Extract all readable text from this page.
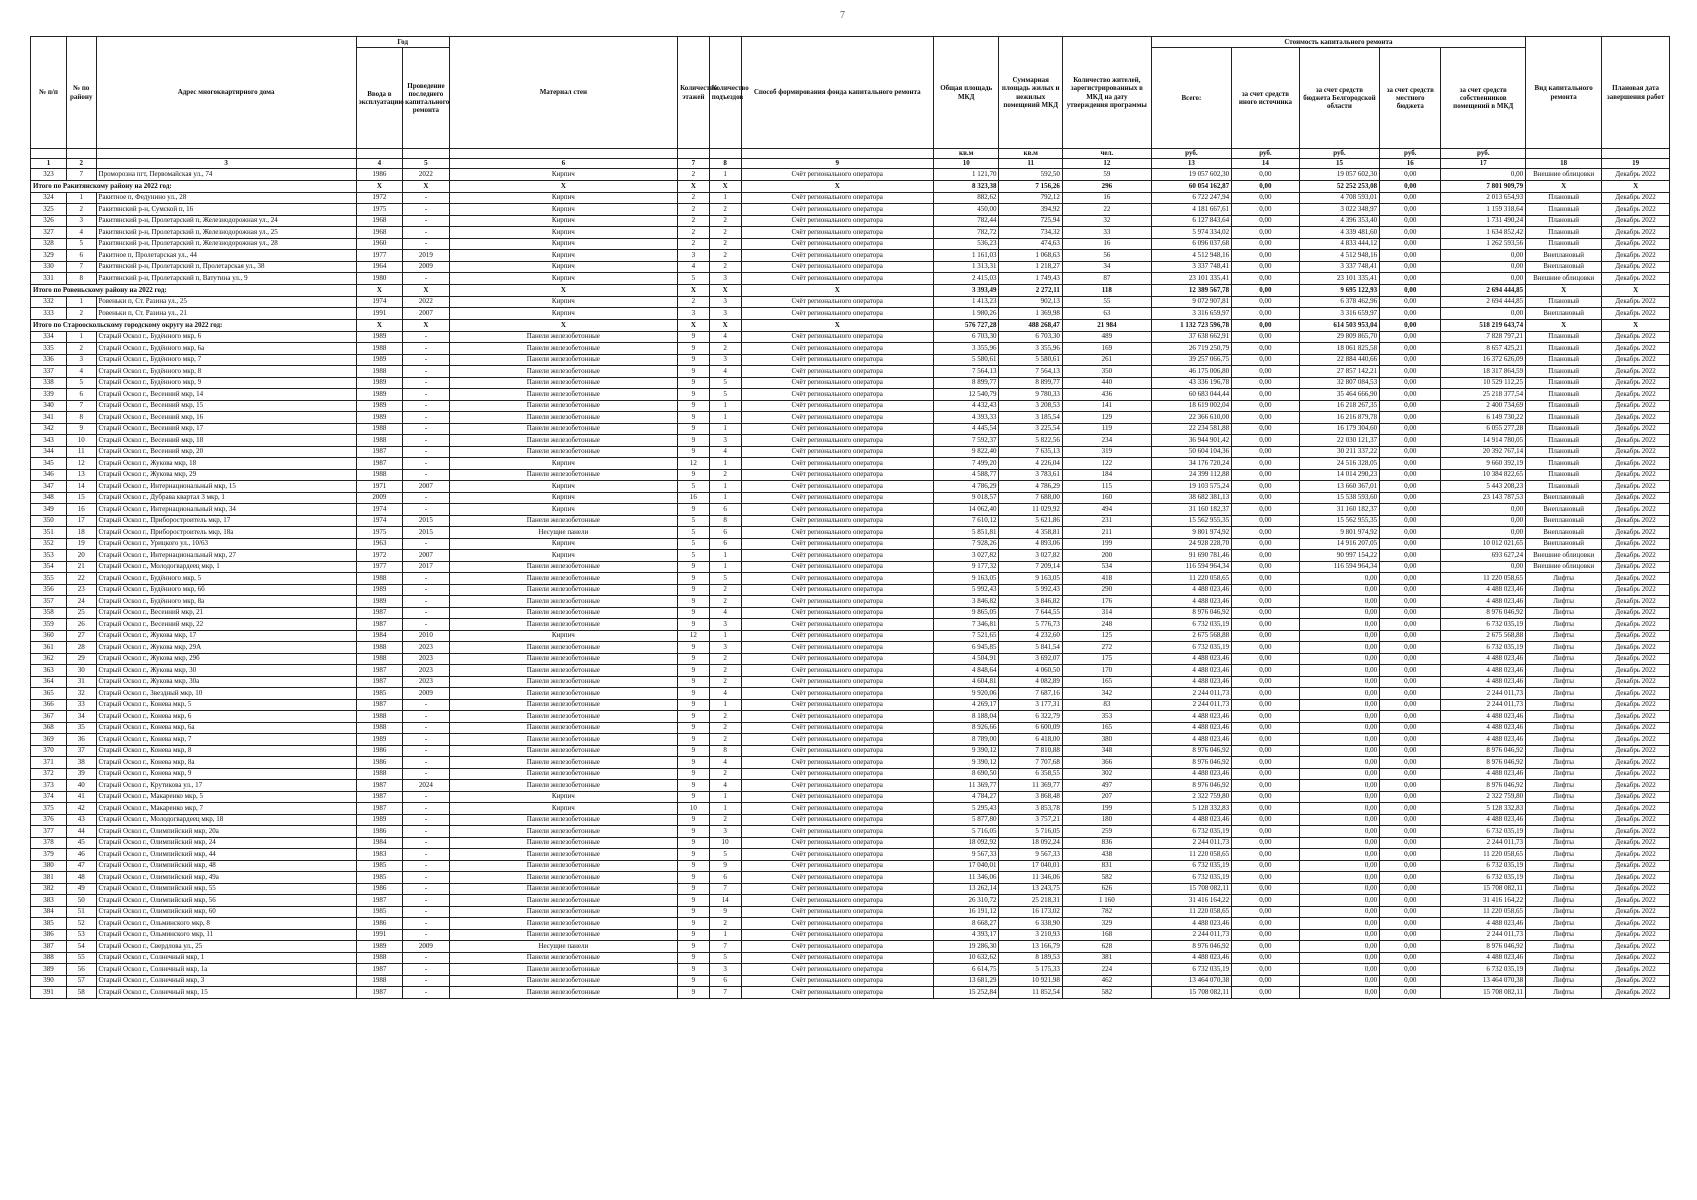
7
№ п/п	№ по району	Адрес многоквартирного дома	Год		Материал стен	Количество этажей	Количество подъездов	Способ формирования фонда капитального ремонта	Общая площадь МКД	Суммарная площадь жилых и нежилых помещений МКД	Количество жителей, зарегистрированных в МКД на дату утверждения программы	Стоимость капитального ремонта					Вид капитального ремонта	Плановая дата завершения работ
			Ввода в эксплуатацию	Проведение последнего капитального ремонта								Всего:	за счет средств иного источника	за счет средств бюджета Белгородской области	за счет средств местного бюджета	за счет средств собственников помещений в МКД		
									кв.м	кв.м	чел.	руб.	руб.	руб.	руб.	руб.		
1	2	3	4	5	6	7	8	9	10	11	12	13	14	15	16	17	18	19
323	7	Проморозна пгт, Первомайская ул., 74	1986	2022	Кирпич	2	1	Счёт регионального оператора	1 121,70	592,50	59	19 057 602,30	0,00	19 057 602,30	0,00	0,00	Внешние облицовки	Декабрь 2022
Итого по Ракитянскому району на 2022 год:			Х	Х	Х	Х	Х	Х	8 323,38	7 156,26	296	60 054 162,87	0,00	52 252 253,08	0,00	7 801 909,79	Х	Х
324	1	Ракитное п, Федунино ул., 28	1972	-	Кирпич	2	1	Счёт регионального оператора	882,62	792,12	16	6 722 247,94	0,00	4 708 593,01	0,00	2 013 654,93	Плановый	Декабрь 2022
325	2	Ракитянский р-н, Сумской п, 16	1975	-	Кирпич	2	2	Счёт регионального оператора	450,00	394,92	22	4 181 667,61	0,00	3 022 348,97	0,00	1 159 318,64	Плановый	Декабрь 2022
326	3	Ракитянский р-н, Пролетарский п, Железнодорожная ул., 24	1968	-	Кирпич	2	2	Счёт регионального оператора	782,44	725,94	32	6 127 843,64	0,00	4 396 353,40	0,00	1 731 490,24	Плановый	Декабрь 2022
327	4	Ракитянский р-н, Пролетарский п, Железнодорожная ул., 25	1968	-	Кирпич	2	2	Счёт регионального оператора	782,72	734,32	33	5 974 334,02	0,00	4 339 481,60	0,00	1 634 852,42	Плановый	Декабрь 2022
328	5	Ракитянский р-н, Пролетарский п, Железнодорожная ул., 28	1960	-	Кирпич	2	2	Счёт регионального оператора	536,23	474,63	16	6 096 037,68	0,00	4 833 444,12	0,00	1 262 593,56	Плановый	Декабрь 2022
329	6	Ракитное п, Пролетарская ул., 44	1977	2019	Кирпич	3	2	Счёт регионального оператора	1 161,03	1 068,63	56	4 512 948,16	0,00	4 512 948,16	0,00	0,00	Внеплановый	Декабрь 2022
330	7	Ракитянский р-н, Пролетарский п, Пролетарская ул., 38	1964	2009	Кирпич	4	2	Счёт регионального оператора	1 313,31	1 218,27	34	3 337 748,41	0,00	3 337 748,41	0,00	0,00	Внеплановый	Декабрь 2022
331	8	Ракитянский р-н, Пролетарский п, Ватутина ул., 9	1980	-	Кирпич	5	3	Счёт регионального оператора	2 415,03	1 749,43	87	23 101 335,41	0,00	23 101 335,41	0,00	0,00	Внешние облицовки	Декабрь 2022
Итого по Ровеньскому району на 2022 год:			Х	Х	Х	Х	Х	Х	3 393,49	2 272,11	118	12 389 567,78	0,00	9 695 122,93	0,00	2 694 444,85	Х	Х
332	1	Ровеньки п, Ст. Разина ул., 25	1974	2022	Кирпич	2	3	Счёт регионального оператора	1 413,23	902,13	55	9 072 907,81	0,00	6 378 462,96	0,00	2 694 444,85	Плановый	Декабрь 2022
333	2	Ровеньки п, Ст. Разина ул., 21	1991	2007	Кирпич	3	3	Счёт регионального оператора	1 980,26	1 369,98	63	3 316 659,97	0,00	3 316 659,97	0,00	0,00	Внеплановый	Декабрь 2022
Итого по Старооскольскому городскому округу на 2022 год:			Х	Х	Х	Х	Х	Х	576 727,28	488 268,47	21 984	1 132 723 596,78	0,00	614 503 953,04	0,00	518 219 643,74	Х	Х
334	1	Старый Оскол г., Будённого мкр, 6	1989	-	Панели железобетонные	9	4	Счёт регионального оператора	6 703,30	6 703,30	489	37 638 662,91	0,00	29 809 865,70	0,00	7 828 797,21	Плановый	Декабрь 2022
335	2	Старый Оскол г., Будённого мкр, 6а	1988	-	Панели железобетонные	9	2	Счёт регионального оператора	3 355,96	3 355,96	169	26 719 250,79	0,00	18 061 825,58	0,00	8 657 425,21	Плановый	Декабрь 2022
336	3	Старый Оскол г., Будённого мкр, 7	1989	-	Панели железобетонные	9	3	Счёт регионального оператора	5 580,61	5 580,61	261	39 257 066,75	0,00	22 884 440,66	0,00	16 372 626,09	Плановый	Декабрь 2022
337	4	Старый Оскол г., Будённого мкр, 8	1988	-	Панели железобетонные	9	4	Счёт регионального оператора	7 564,13	7 564,13	350	46 175 006,80	0,00	27 857 142,21	0,00	18 317 864,59	Плановый	Декабрь 2022
338	5	Старый Оскол г., Будённого мкр, 9	1989	-	Панели железобетонные	9	5	Счёт регионального оператора	8 899,77	8 899,77	440	43 336 196,78	0,00	32 807 084,53	0,00	10 529 112,25	Плановый	Декабрь 2022
339	6	Старый Оскол г., Весенний мкр, 14	1989	-	Панели железобетонные	9	5	Счёт регионального оператора	12 540,79	9 780,33	436	60 683 044,44	0,00	35 464 666,90	0,00	25 218 377,54	Плановый	Декабрь 2022
340	7	Старый Оскол г., Весенний мкр, 15	1989	-	Панели железобетонные	9	1	Счёт регионального оператора	4 432,43	3 208,53	141	18 619 002,04	0,00	16 218 267,35	0,00	2 400 734,69	Плановый	Декабрь 2022
341	8	Старый Оскол г., Весенний мкр, 16	1989	-	Панели железобетонные	9	1	Счёт регионального оператора	4 393,33	3 185,54	129	22 366 610,00	0,00	16 216 879,78	0,00	6 149 730,22	Плановый	Декабрь 2022
342	9	Старый Оскол г., Весенний мкр, 17	1988	-	Панели железобетонные	9	1	Счёт регионального оператора	4 445,54	3 225,54	119	22 234 581,88	0,00	16 179 304,60	0,00	6 055 277,28	Плановый	Декабрь 2022
343	10	Старый Оскол г., Весенний мкр, 18	1988	-	Панели железобетонные	9	3	Счёт регионального оператора	7 592,37	5 822,56	234	36 944 901,42	0,00	22 030 121,37	0,00	14 914 780,05	Плановый	Декабрь 2022
344	11	Старый Оскол г., Весенний мкр, 20	1987	-	Панели железобетонные	9	4	Счёт регионального оператора	9 822,40	7 635,13	319	50 604 104,36	0,00	30 211 337,22	0,00	20 392 767,14	Плановый	Декабрь 2022
345	12	Старый Оскол г., Жукова мкр, 18	1987	-	Кирпич	12	1	Счёт регионального оператора	7 499,20	4 226,04	122	34 176 720,24	0,00	24 516 328,05	0,00	9 660 392,19	Плановый	Декабрь 2022
346	13	Старый Оскол г., Жукова мкр, 29	1988	-	Панели железобетонные	9	2	Счёт регионального оператора	4 588,77	3 783,61	184	24 399 112,88	0,00	14 014 290,23	0,00	10 384 822,65	Плановый	Декабрь 2022
347	14	Старый Оскол г., Интернациональный мкр, 15	1971	2007	Кирпич	5	1	Счёт регионального оператора	4 786,29	4 786,29	115	19 103 575,24	0,00	13 660 367,01	0,00	5 443 208,23	Плановый	Декабрь 2022
348	15	Старый Оскол г., Дубрава квартал 3 мкр, 1	2009	-	Кирпич	16	1	Счёт регионального оператора	9 018,57	7 688,00	160	38 682 381,13	0,00	15 538 593,60	0,00	23 143 787,53	Внеплановый	Декабрь 2022
349	16	Старый Оскол г., Интернациональный мкр, 34	1974	-	Кирпич	9	6	Счёт регионального оператора	14 062,40	11 029,92	494	31 160 182,37	0,00	31 160 182,37	0,00	0,00	Внеплановый	Декабрь 2022
350	17	Старый Оскол г., Приборостроитель мкр, 17	1974	2015	Панели железобетонные	5	8	Счёт регионального оператора	7 610,12	5 621,86	231	15 562 955,35	0,00	15 562 955,35	0,00	0,00	Внеплановый	Декабрь 2022
351	18	Старый Оскол г., Приборостроитель мкр, 18а	1975	2015	Несущие панели	5	6	Счёт регионального оператора	5 851,81	4 358,81	211	9 801 974,92	0,00	9 801 974,92	0,00	0,00	Внеплановый	Декабрь 2022
352	19	Старый Оскол г., Урицкого ул., 10/63	1963	-	Кирпич	5	6	Счёт регионального оператора	7 928,26	4 893,06	199	24 928 228,70	0,00	14 916 207,05	0,00	10 012 021,65	Внеплановый	Декабрь 2022
353	20	Старый Оскол г., Интернациональный мкр, 27	1972	2007	Кирпич	5	1	Счёт регионального оператора	3 027,82	3 027,82	200	91 690 781,46	0,00	90 997 154,22	0,00	693 627,24	Внешние облицовки	Декабрь 2022
354	21	Старый Оскол г., Молодогвардеец мкр, 1	1977	2017	Панели железобетонные	9	1	Счёт регионального оператора	9 177,32	7 209,14	534	116 594 964,34	0,00	116 594 964,34	0,00	0,00	Внешние облицовки	Декабрь 2022
355	22	Старый Оскол г., Будённого мкр, 5	1988	-	Панели железобетонные	9	5	Счёт регионального оператора	9 163,05	9 163,05	418	11 220 058,65	0,00	0,00	0,00	11 220 058,65	Лифты	Декабрь 2022
356	23	Старый Оскол г., Будённого мкр, 6б	1989	-	Панели железобетонные	9	2	Счёт регионального оператора	5 992,43	5 992,43	290	4 488 023,46	0,00	0,00	0,00	4 488 023,46	Лифты	Декабрь 2022
357	24	Старый Оскол г., Будённого мкр, 8а	1989	-	Панели железобетонные	9	2	Счёт регионального оператора	3 846,82	3 846,82	176	4 488 023,46	0,00	0,00	0,00	4 488 023,46	Лифты	Декабрь 2022
358	25	Старый Оскол г., Весенний мкр, 21	1987	-	Панели железобетонные	9	4	Счёт регионального оператора	9 865,05	7 644,55	314	8 976 046,92	0,00	0,00	0,00	8 976 046,92	Лифты	Декабрь 2022
359	26	Старый Оскол г., Весенний мкр, 22	1987	-	Панели железобетонные	9	3	Счёт регионального оператора	7 346,81	5 776,73	248	6 732 035,19	0,00	0,00	0,00	6 732 035,19	Лифты	Декабрь 2022
360	27	Старый Оскол г., Жукова мкр, 17	1984	2010	Кирпич	12	1	Счёт регионального оператора	7 521,65	4 232,60	125	2 675 568,88	0,00	0,00	0,00	2 675 568,88	Лифты	Декабрь 2022
361	28	Старый Оскол г., Жукова мкр, 29А	1988	2023	Панели железобетонные	9	3	Счёт регионального оператора	6 945,85	5 841,54	272	6 732 035,19	0,00	0,00	0,00	6 732 035,19	Лифты	Декабрь 2022
362	29	Старый Оскол г., Жукова мкр, 29б	1988	2023	Панели железобетонные	9	2	Счёт регионального оператора	4 504,91	3 692,07	175	4 488 023,46	0,00	0,00	0,00	4 488 023,46	Лифты	Декабрь 2022
363	30	Старый Оскол г., Жукова мкр, 30	1987	2023	Панели железобетонные	9	2	Счёт регионального оператора	4 848,64	4 060,50	170	4 488 023,46	0,00	0,00	0,00	4 488 023,46	Лифты	Декабрь 2022
364	31	Старый Оскол г., Жукова мкр, 30а	1987	2023	Панели железобетонные	9	2	Счёт регионального оператора	4 604,81	4 082,89	165	4 488 023,46	0,00	0,00	0,00	4 488 023,46	Лифты	Декабрь 2022
365	32	Старый Оскол г., Звездный мкр, 10	1985	2009	Панели железобетонные	9	4	Счёт регионального оператора	9 920,06	7 687,16	342	2 244 011,73	0,00	0,00	0,00	2 244 011,73	Лифты	Декабрь 2022
366	33	Старый Оскол г., Конева мкр, 5	1987	-	Панели железобетонные	9	1	Счёт регионального оператора	4 269,17	3 177,31	83	2 244 011,73	0,00	0,00	0,00	2 244 011,73	Лифты	Декабрь 2022
367	34	Старый Оскол г., Конева мкр, 6	1988	-	Панели железобетонные	9	2	Счёт регионального оператора	8 188,04	6 322,79	353	4 488 023,46	0,00	0,00	0,00	4 488 023,46	Лифты	Декабрь 2022
368	35	Старый Оскол г., Конева мкр, 6а	1988	-	Панели железобетонные	9	2	Счёт регионального оператора	8 926,66	6 600,09	165	4 488 023,46	0,00	0,00	0,00	4 488 023,46	Лифты	Декабрь 2022
369	36	Старый Оскол г., Конева мкр, 7	1989	-	Панели железобетонные	9	2	Счёт регионального оператора	8 789,00	6 418,00	380	4 488 023,46	0,00	0,00	0,00	4 488 023,46	Лифты	Декабрь 2022
370	37	Старый Оскол г., Конева мкр, 8	1986	-	Панели железобетонные	9	8	Счёт регионального оператора	9 390,12	7 810,88	348	8 976 046,92	0,00	0,00	0,00	8 976 046,92	Лифты	Декабрь 2022
371	38	Старый Оскол г., Конева мкр, 8а	1986	-	Панели железобетонные	9	4	Счёт регионального оператора	9 390,12	7 707,68	366	8 976 046,92	0,00	0,00	0,00	8 976 046,92	Лифты	Декабрь 2022
372	39	Старый Оскол г., Конева мкр, 9	1988	-	Панели железобетонные	9	2	Счёт регионального оператора	8 690,50	6 358,55	302	4 488 023,46	0,00	0,00	0,00	4 488 023,46	Лифты	Декабрь 2022
373	40	Старый Оскол г., Крутикова ул., 17	1987	2024	Панели железобетонные	9	4	Счёт регионального оператора	11 369,77	11 369,77	497	8 976 046,92	0,00	0,00	0,00	8 976 046,92	Лифты	Декабрь 2022
374	41	Старый Оскол г., Макаренко мкр, 5	1987	-	Кирпич	9	1	Счёт регионального оператора	4 784,27	3 868,48	207	2 322 759,80	0,00	0,00	0,00	2 322 759,80	Лифты	Декабрь 2022
375	42	Старый Оскол г., Макаренко мкр, 7	1987	-	Кирпич	10	1	Счёт регионального оператора	5 295,43	3 853,78	199	5 128 332,83	0,00	0,00	0,00	5 128 332,83	Лифты	Декабрь 2022
376	43	Старый Оскол г., Молодогвардеец мкр, 18	1989	-	Панели железобетонные	9	2	Счёт регионального оператора	5 877,80	3 757,21	180	4 488 023,46	0,00	0,00	0,00	4 488 023,46	Лифты	Декабрь 2022
377	44	Старый Оскол г., Олимпийский мкр, 20а	1986	-	Панели железобетонные	9	3	Счёт регионального оператора	5 716,05	5 716,05	259	6 732 035,19	0,00	0,00	0,00	6 732 035,19	Лифты	Декабрь 2022
378	45	Старый Оскол г., Олимпийский мкр, 24	1984	-	Панели железобетонные	9	10	Счёт регионального оператора	18 092,92	18 092,24	836	2 244 011,73	0,00	0,00	0,00	2 244 011,73	Лифты	Декабрь 2022
379	46	Старый Оскол г., Олимпийский мкр, 44	1983	-	Панели железобетонные	9	5	Счёт регионального оператора	9 567,33	9 567,33	438	11 220 058,65	0,00	0,00	0,00	11 220 058,65	Лифты	Декабрь 2022
380	47	Старый Оскол г., Олимпийский мкр, 48	1985	-	Панели железобетонные	9	9	Счёт регионального оператора	17 040,01	17 040,01	831	6 732 035,19	0,00	0,00	0,00	6 732 035,19	Лифты	Декабрь 2022
381	48	Старый Оскол г., Олимпийский мкр, 49а	1985	-	Панели железобетонные	9	6	Счёт регионального оператора	11 346,06	11 346,06	582	6 732 035,19	0,00	0,00	0,00	6 732 035,19	Лифты	Декабрь 2022
382	49	Старый Оскол г., Олимпийский мкр, 55	1986	-	Панели железобетонные	9	7	Счёт регионального оператора	13 262,14	13 243,75	626	15 708 082,11	0,00	0,00	0,00	15 708 082,11	Лифты	Декабрь 2022
383	50	Старый Оскол г., Олимпийский мкр, 56	1987	-	Панели железобетонные	9	14	Счёт регионального оператора	26 310,72	25 218,31	1 160	31 416 164,22	0,00	0,00	0,00	31 416 164,22	Лифты	Декабрь 2022
384	51	Старый Оскол г., Олимпийский мкр, 60	1985	-	Панели железобетонные	9	9	Счёт регионального оператора	16 191,12	16 173,02	782	11 220 058,65	0,00	0,00	0,00	11 220 058,65	Лифты	Декабрь 2022
385	52	Старый Оскол г., Ольминского мкр, 8	1986	-	Панели железобетонные	9	2	Счёт регионального оператора	8 668,27	6 338,90	329	4 488 023,46	0,00	0,00	0,00	4 488 023,46	Лифты	Декабрь 2022
386	53	Старый Оскол г., Ольминского мкр, 11	1991	-	Панели железобетонные	9	1	Счёт регионального оператора	4 393,17	3 210,93	168	2 244 011,73	0,00	0,00	0,00	2 244 011,73	Лифты	Декабрь 2022
387	54	Старый Оскол г., Свердлова ул., 25	1989	2009	Несущие панели	9	7	Счёт регионального оператора	19 286,30	13 166,79	628	8 976 046,92	0,00	0,00	0,00	8 976 046,92	Лифты	Декабрь 2022
388	55	Старый Оскол г., Солнечный мкр, 1	1988	-	Панели железобетонные	9	5	Счёт регионального оператора	10 632,62	8 189,53	381	4 488 023,46	0,00	0,00	0,00	4 488 023,46	Лифты	Декабрь 2022
389	56	Старый Оскол г., Солнечный мкр, 1а	1987	-	Панели железобетонные	9	3	Счёт регионального оператора	6 614,75	5 175,33	224	6 732 035,19	0,00	0,00	0,00	6 732 035,19	Лифты	Декабрь 2022
390	57	Старый Оскол г., Солнечный мкр, 3	1988	-	Панели железобетонные	9	6	Счёт регионального оператора	13 681,29	10 921,98	462	13 464 070,38	0,00	0,00	0,00	13 464 070,38	Лифты	Декабрь 2022
391	58	Старый Оскол г., Солнечный мкр, 15	1987	-	Панели железобетонные	9	7	Счёт регионального оператора	15 252,84	11 852,54	582	15 708 082,11	0,00	0,00	0,00	15 708 082,11	Лифты	Декабрь 2022
